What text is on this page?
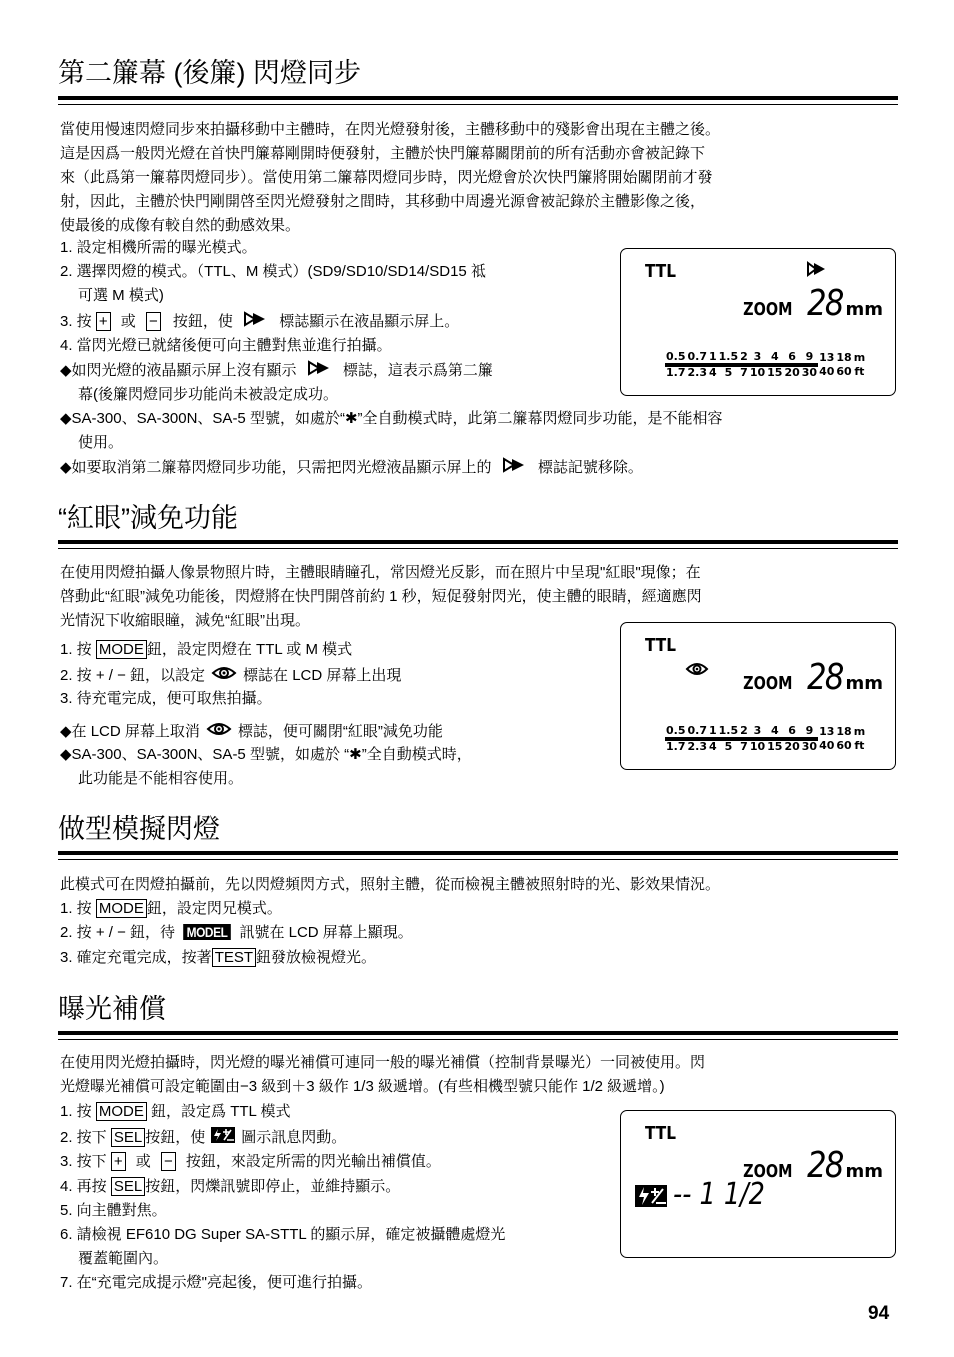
第二簾幕 (後簾) 閃燈同步
當使用慢速閃燈同步來拍攝移動中主體時，在閃光燈發射後，主體移動中的殘影會出現在主體之後。
這是因爲一般閃光燈在首快門簾幕剛開時便發射，主體於快門簾幕關閉前的所有活動亦會被記錄下
來（此爲第一簾幕閃燈同步）。當使用第二簾幕閃燈同步時，閃光燈會於次快門簾將開始關閉前才發
射，因此，主體於快門剛開啓至閃光燈發射之間時，其移動中周邊光源會被記錄於主體影像之後，
使最後的成像有較自然的動感效果。
1. 設定相機所需的曝光模式。
2. 選擇閃燈的模式。（TTL、M 模式）(SD9/SD10/SD14/SD15 祗
可選 M 模式)
3. 按 + 或 − 按鈕，使	標誌顯示在液晶顯示屏上。
4. 當閃光燈已就緒後便可向主體對焦並進行拍攝。
◆如閃光燈的液晶顯示屏上沒有顯示	標誌，這表示爲第二簾
幕(後簾閃燈同步功能尚未被設定成功。
◆SA-300、SA-300N、SA-5 型號，如處於“✱”全自動模式時，此第二簾幕閃燈同步功能，是不能相容
使用。
◆如要取消第二簾幕閃燈同步功能，只需把閃光燈液晶顯示屏上的	標誌記號移除。
TTL
ZOOM 28 mm
0.5	0.7	1	1.5	2	3	4	6	9	13	18	m
1.7	2.3	4	5	7	10	15	20	30	40	60	ft
“紅眼”減免功能
在使用閃燈拍攝人像景物照片時，主體眼睛瞳孔，常因燈光反影，而在照片中呈現"紅眼"現像；在
啓動此“紅眼”減免功能後，閃燈將在快門開啓前約 1 秒，短促發射閃光，使主體的眼睛，經適應閃
光情況下收縮眼瞳，減免“紅眼”出現。
1. 按 MODE 鈕，設定閃燈在 TTL 或 M 模式
2. 按 + / − 鈕，以設定	標誌在 LCD 屏幕上出現
3. 待充電完成，便可取焦拍攝。
◆在 LCD 屏幕上取消	標誌，便可關閉“紅眼”減免功能
◆SA-300、SA-300N、SA-5 型號，如處於 “✱”全自動模式時，
此功能是不能相容使用。
TTL
ZOOM 28 mm
0.5	0.7	1	1.5	2	3	4	6	9	13	18	m
1.7	2.3	4	5	7	10	15	20	30	40	60	ft
做型模擬閃燈
此模式可在閃燈拍攝前，先以閃燈頻閃方式，照射主體，從而檢視主體被照射時的光、影效果情況。
1. 按 MODE 鈕，設定閃兄模式。
2. 按 + / − 鈕，待 MODEL 訊號在 LCD 屏幕上顯現。
3. 確定充電完成，按著 TEST 鈕發放檢視燈光。
曝光補償
在使用閃光燈拍攝時，閃光燈的曝光補償可連同一般的曝光補償（控制背景曝光）一同被使用。閃
光燈曝光補償可設定範圍由−3 級到＋3 級作 1/3 級遞增。(有些相機型號只能作 1/2 級遞增。)
1. 按 MODE 鈕，設定爲 TTL 模式
2. 按下 SEL 按鈕，使 圖示訊息閃動。
3. 按下 + 或 − 按鈕，來設定所需的閃光輸出補償值。
4. 再按 SEL 按鈕，閃爍訊號即停止，並維持顯示。
5. 向主體對焦。
6. 請檢視 EF610 DG Super SA-STTL 的顯示屏，確定被攝體處燈光
覆蓋範圍內。
7. 在“充電完成提示燈"亮起後，便可進行拍攝。
TTL
ZOOM 28 mm
-- 1 1/2
94
